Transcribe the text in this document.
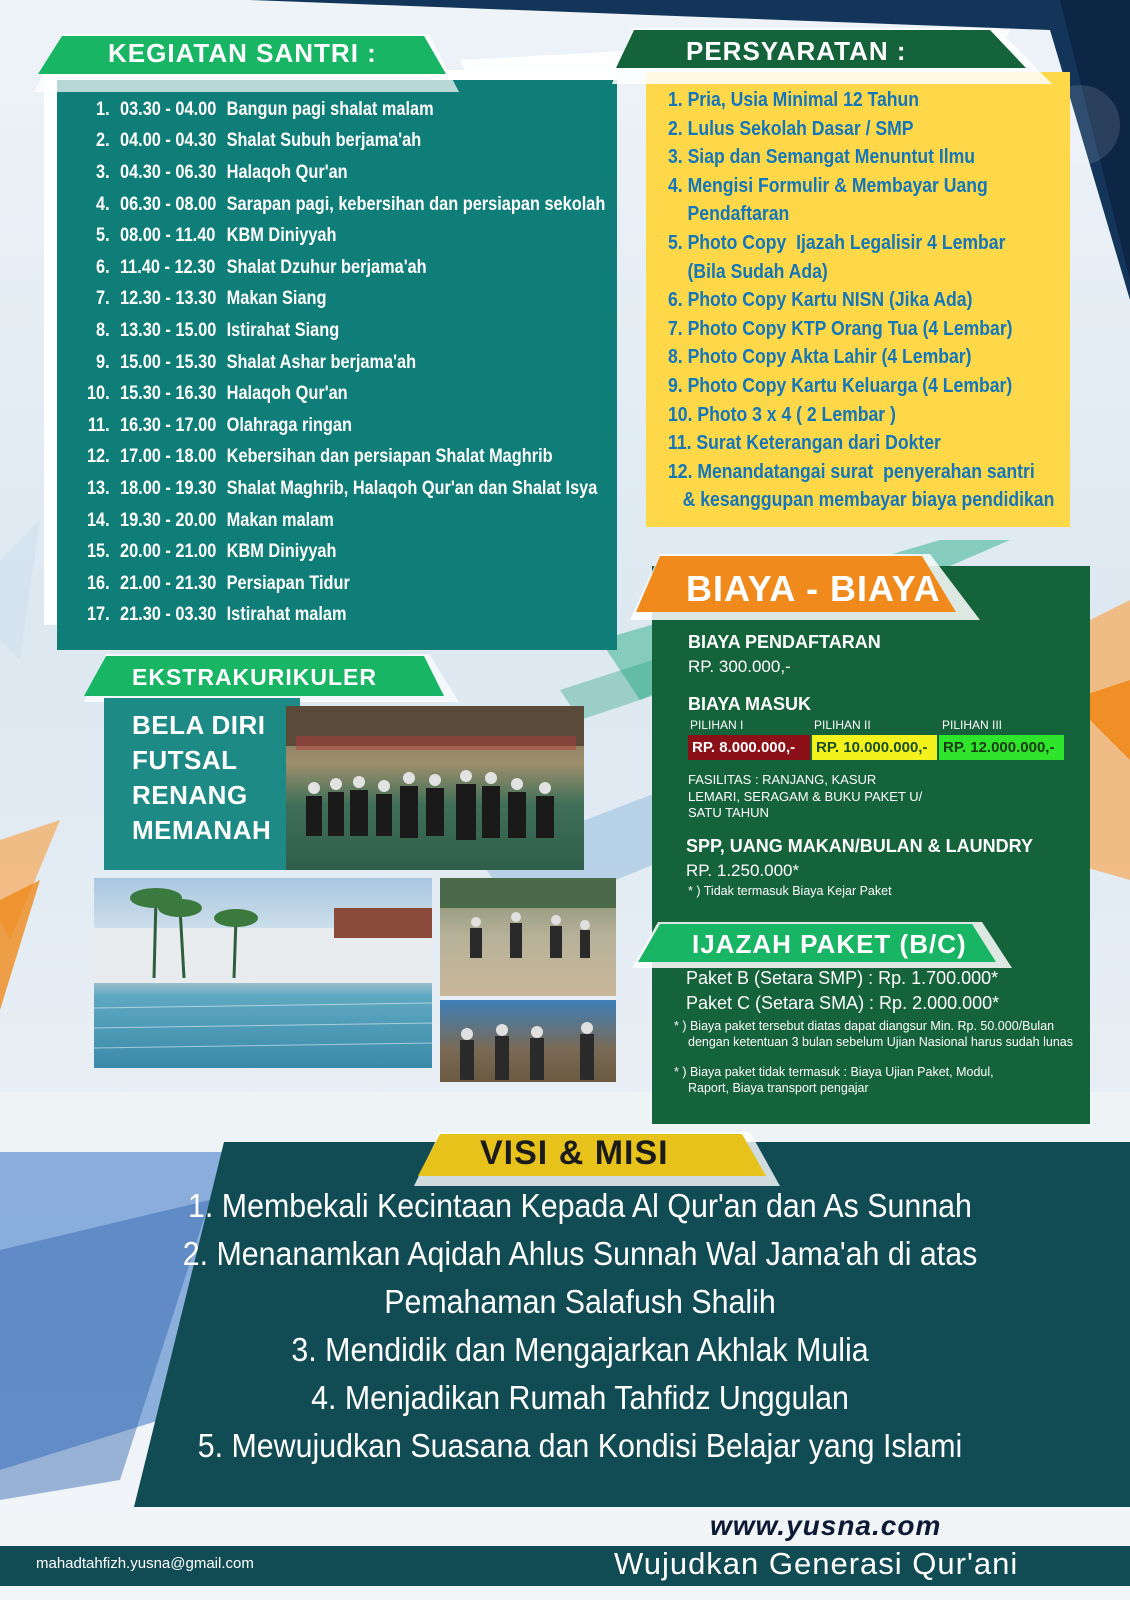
1. 03.30 - 04.00 Bangun pagi shalat malam
2. 04.00 - 04.30 Shalat Subuh berjama'ah
3. 04.30 - 06.30 Halaqoh Qur'an
4. 06.30 - 08.00 Sarapan pagi, kebersihan dan persiapan sekolah
5. 08.00 - 11.40 KBM Diniyyah
6. 11.40 - 12.30 Shalat Dzuhur berjama'ah
7. 12.30 - 13.30 Makan Siang
8. 13.30 - 15.00 Istirahat Siang
9. 15.00 - 15.30 Shalat Ashar berjama'ah
10. 15.30 - 16.30 Halaqoh Qur'an
11. 16.30 - 17.00 Olahraga ringan
12. 17.00 - 18.00 Kebersihan dan persiapan Shalat Maghrib
13. 18.00 - 19.30 Shalat Maghrib, Halaqoh Qur'an dan Shalat Isya
14. 19.30 - 20.00 Makan malam
15. 20.00 - 21.00 KBM Diniyyah
16. 21.00 - 21.30 Persiapan Tidur
17. 21.30 - 03.30 Istirahat malam
KEGIATAN SANTRI :
1. Pria, Usia Minimal 12 Tahun
2. Lulus Sekolah Dasar / SMP
3. Siap dan Semangat Menuntut Ilmu
4. Mengisi Formulir & Membayar Uang
Pendaftaran
5. Photo Copy  Ijazah Legalisir 4 Lembar
(Bila Sudah Ada)
6. Photo Copy Kartu NISN (Jika Ada)
7. Photo Copy KTP Orang Tua (4 Lembar)
8. Photo Copy Akta Lahir (4 Lembar)
9. Photo Copy Kartu Keluarga (4 Lembar)
10. Photo 3 x 4 ( 2 Lembar )
11. Surat Keterangan dari Dokter
12. Menandatangai surat  penyerahan santri
& kesanggupan membayar biaya pendidikan
PERSYARATAN :
EKSTRAKURIKULER
BELA DIRI
FUTSAL
RENANG
MEMANAH
BIAYA - BIAYA
BIAYA PENDAFTARAN
RP. 300.000,-
BIAYA MASUK
PILIHAN I	PILIHAN II	PILIHAN III
RP. 8.000.000,-	RP. 10.000.000,-	RP. 12.000.000,-
FASILITAS : RANJANG, KASUR
LEMARI, SERAGAM & BUKU PAKET U/
SATU TAHUN
SPP, UANG MAKAN/BULAN & LAUNDRY
RP. 1.250.000*
* ) Tidak termasuk Biaya Kejar Paket
IJAZAH PAKET (B/C)
Paket B (Setara SMP) : Rp. 1.700.000*
Paket C (Setara SMA) : Rp. 2.000.000*
* ) Biaya paket tersebut diatas dapat diangsur Min. Rp. 50.000/Bulan
dengan ketentuan 3 bulan sebelum Ujian Nasional harus sudah lunas
* ) Biaya paket tidak termasuk : Biaya Ujian Paket, Modul,
Raport, Biaya transport pengajar
VISI & MISI
1. Membekali Kecintaan Kepada Al Qur'an dan As Sunnah
2. Menanamkan Aqidah Ahlus Sunnah Wal Jama'ah di atas
Pemahaman Salafush Shalih
3. Mendidik dan Mengajarkan Akhlak Mulia
4. Menjadikan Rumah Tahfidz Unggulan
5. Mewujudkan Suasana dan Kondisi Belajar yang Islami
www.yusna.com
mahadtahfizh.yusna@gmail.com	Wujudkan Generasi Qur'ani
